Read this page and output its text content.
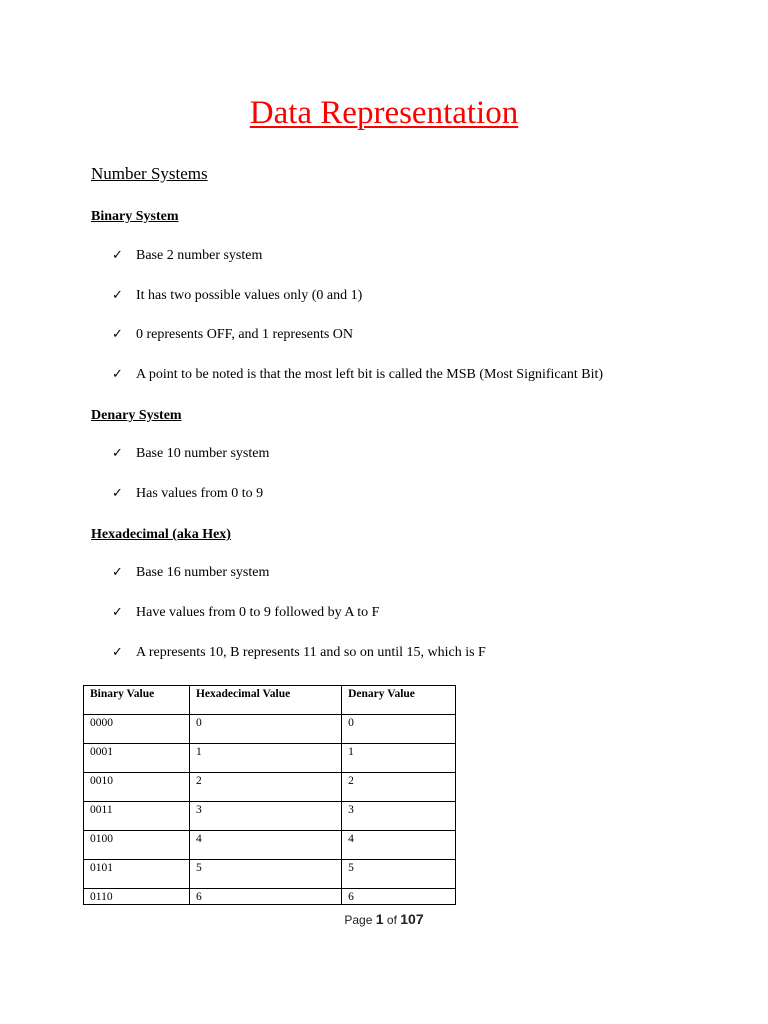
Data Representation
Number Systems
Binary System
✓ Base 2 number system
✓ It has two possible values only (0 and 1)
✓ 0 represents OFF, and 1 represents ON
✓ A point to be noted is that the most left bit is called the MSB (Most Significant Bit)
Denary System
✓ Base 10 number system
✓ Has values from 0 to 9
Hexadecimal (aka Hex)
✓ Base 16 number system
✓ Have values from 0 to 9 followed by A to F
✓ A represents 10, B represents 11 and so on until 15, which is F
Binary Value	Hexadecimal Value	Denary Value
0000	0	0
0001	1	1
0010	2	2
0011	3	3
0100	4	4
0101	5	5
0110	6	6
Page 1 of 107
